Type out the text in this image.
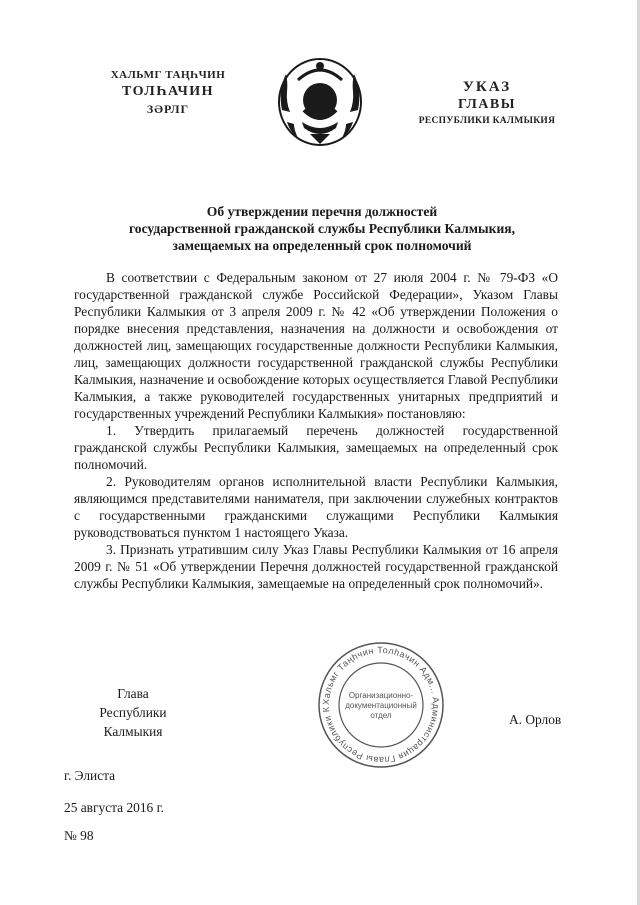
ХАЛЬМГ ТАҢҺЧИН
ТОЛҺАЧИН
ЗӘРЛГ
УКАЗ
ГЛАВЫ
РЕСПУБЛИКИ КАЛМЫКИЯ
Об утверждении перечня должностей
государственной гражданской службы Республики Калмыкия,
замещаемых на определенный срок полномочий

В соответствии с Федеральным законом от 27 июля 2004 г. № 79-ФЗ «О государственной гражданской службе Российской Федерации», Указом Главы Республики Калмыкия от 3 апреля 2009 г. № 42 «Об утверждении Положения о порядке внесения представления, назначения на должности и освобождения от должностей лиц, замещающих государственные должности Республики Калмыкия, лиц, замещающих должности государственной гражданской службы Республики Калмыкия, назначение и освобождение которых осуществляется Главой Республики Калмыкия, а также руководителей государственных унитарных предприятий и государственных учреждений Республики Калмыкия» постановляю:

1. Утвердить прилагаемый перечень должностей государственной гражданской службы Республики Калмыкия, замещаемых на определенный срок полномочий.

2. Руководителям органов исполнительной власти Республики Калмыкия, являющимся представителями нанимателя, при заключении служебных контрактов с государственными гражданскими служащими Республики Калмыкия руководствоваться пунктом 1 настоящего Указа.

3. Признать утратившим силу Указ Главы Республики Калмыкия от 16 апреля 2009 г. № 51 «Об утверждении Перечня должностей государственной гражданской службы Республики Калмыкия, замещаемые на определенный срок полномочий».

Хальмг Таңһчин Толһачин Адм... Администрация Главы Республики К
Организационно-
документационный
отдел
Глава
Республики Калмыкия
А. Орлов
г. Элиста
25 августа 2016 г.
№ 98
